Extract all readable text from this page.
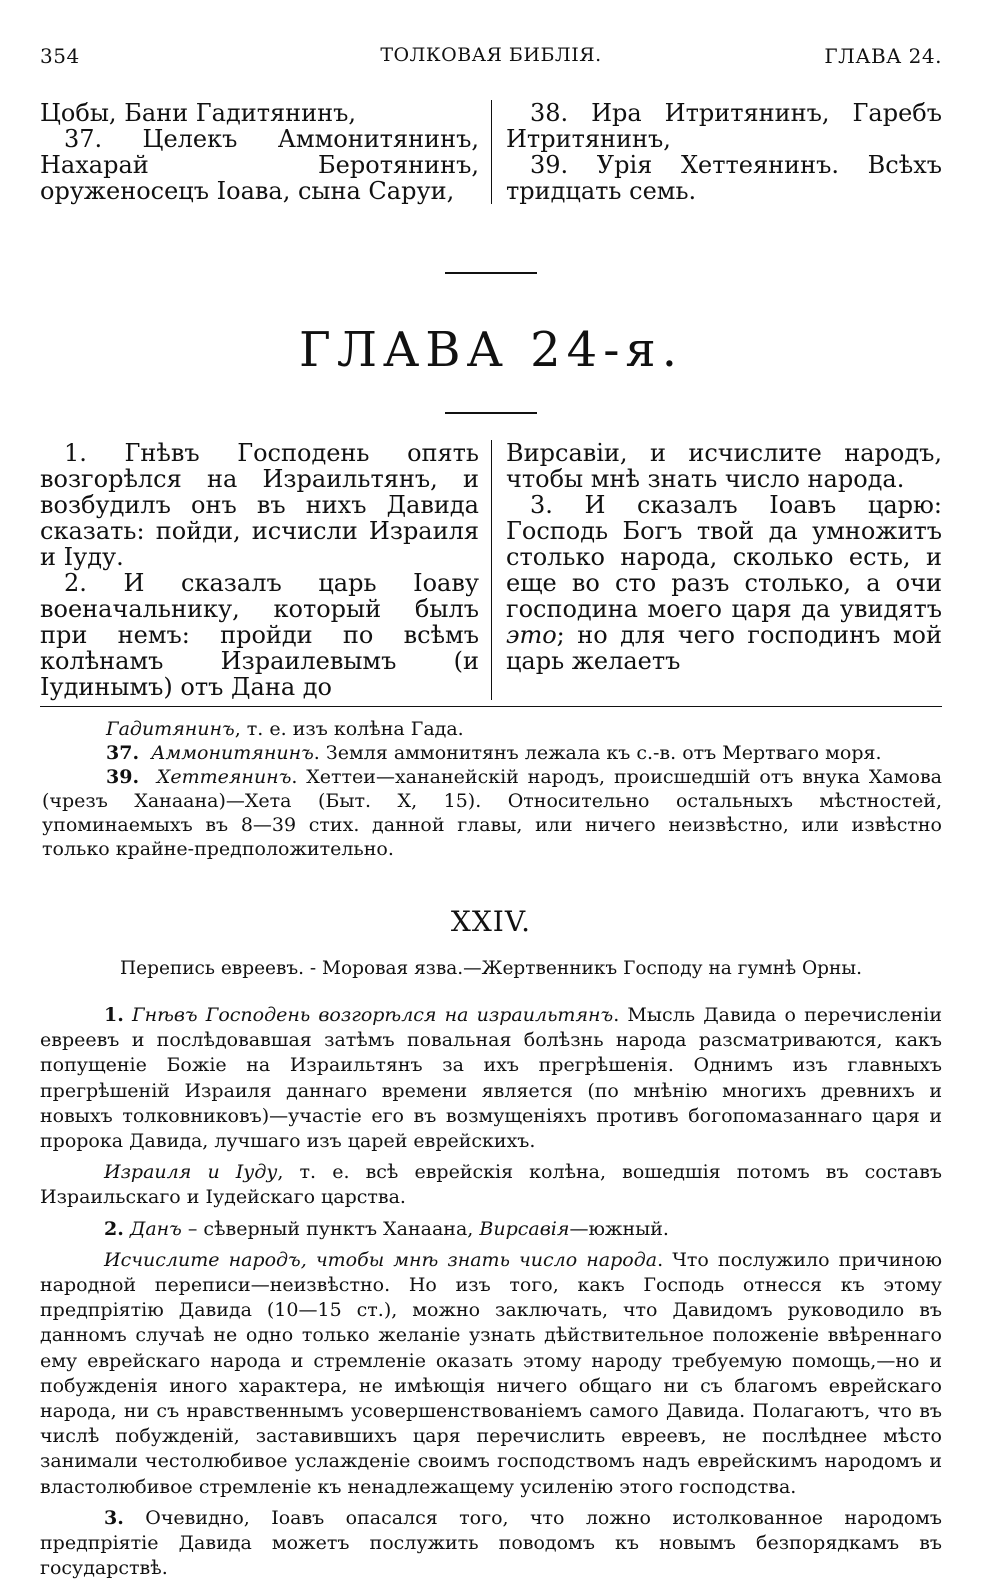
354	ТОЛКОВАЯ БИБЛІЯ.	ГЛАВА 24.

Цобы, Бани Гадитянинъ,

37. Целекъ Аммонитянинъ, Нахарай Беротянинъ, оруженосецъ Іоава, сына Саруи,

38. Ира Итритянинъ, Гаребъ Итритянинъ,

39. Урія Хеттеянинъ. Всѣхъ тридцать семь.

ГЛАВА 24-я.

1. Гнѣвъ Господень опять возгорѣлся на Израильтянъ, и возбудилъ онъ въ нихъ Давида сказать: пойди, исчисли Израиля и Іуду.

2. И сказалъ царь Іоаву военачальнику, который былъ при немъ: пройди по всѣмъ колѣнамъ Израилевымъ (и Іудинымъ) отъ Дана до

Вирсавіи, и исчислите народъ, чтобы мнѣ знать число народа.

3. И сказалъ Іоавъ царю: Господь Богъ твой да умножитъ столько народа, сколько есть, и еще во сто разъ столько, а очи господина моего царя да увидятъ это; но для чего господинъ мой царь желаетъ

Гадитянинъ, т. е. изъ колѣна Гада.

37. Аммонитянинъ. Земля аммонитянъ лежала къ с.-в. отъ Мертваго моря.

39. Хеттеянинъ. Хеттеи—хананейскій народъ, происшедшій отъ внука Хамова (чрезъ Ханаана)—Хета (Быт. X, 15). Относительно остальныхъ мѣстностей, упоминаемыхъ въ 8—39 стих. данной главы, или ничего неизвѣстно, или извѣстно только крайне-предположительно.

XXIV.
Перепись евреевъ. - Моровая язва.—Жертвенникъ Господу на гумнѣ Орны.

1. Гнѣвъ Господень возгорѣлся на израильтянъ. Мысль Давида о перечисленіи евреевъ и послѣдовавшая затѣмъ повальная болѣзнь народа разсматриваются, какъ попущеніе Божіе на Израильтянъ за ихъ прегрѣшенія. Однимъ изъ главныхъ прегрѣшеній Израиля даннаго времени является (по мнѣнію многихъ древнихъ и новыхъ толковниковъ)—участіе его въ возмущеніяхъ противъ богопомазаннаго царя и пророка Давида, лучшаго изъ царей еврейскихъ.

Израиля и Іуду, т. е. всѣ еврейскія колѣна, вошедшія потомъ въ составъ Израильскаго и Іудейскаго царства.

2. Данъ – сѣверный пунктъ Ханаана, Вирсавія—южный.

Исчислите народъ, чтобы мнѣ знать число народа. Что послужило причиною народной переписи—неизвѣстно. Но изъ того, какъ Господь отнесся къ этому предпріятію Давида (10—15 ст.), можно заключать, что Давидомъ руководило въ данномъ случаѣ не одно только желаніе узнать дѣйствительное положеніе ввѣреннаго ему еврейскаго народа и стремленіе оказать этому народу требуемую помощь,—но и побужденія иного характера, не имѣющія ничего общаго ни съ благомъ еврейскаго народа, ни съ нравственнымъ усовершенствованіемъ самого Давида. Полагаютъ, что въ числѣ побужденій, заставившихъ царя перечислить евреевъ, не послѣднее мѣсто занимали честолюбивое услажденіе своимъ господствомъ надъ еврейскимъ народомъ и властолюбивое стремленіе къ ненадлежащему усиленію этого господства.

3. Очевидно, Іоавъ опасался того, что ложно истолкованное народомъ предпріятіе Давида можетъ послужить поводомъ къ новымъ безпорядкамъ въ государствѣ.
